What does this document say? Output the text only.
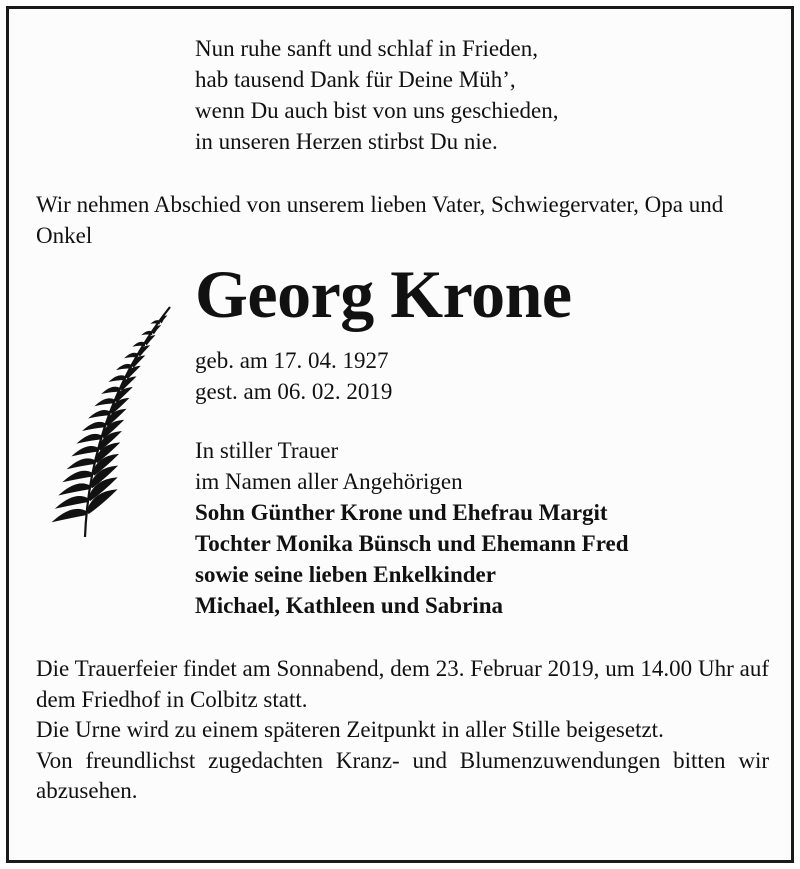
Nun ruhe sanft und schlaf in Frieden,
hab tausend Dank für Deine Müh’,
wenn Du auch bist von uns geschieden,
in unseren Herzen stirbst Du nie.
Wir nehmen Abschied von unserem lieben Vater, Schwiegervater, Opa und Onkel
Georg Krone
geb. am 17. 04. 1927
gest. am 06. 02. 2019
In stiller Trauer
im Namen aller Angehörigen
Sohn Günther Krone und Ehefrau Margit
Tochter Monika Bünsch und Ehemann Fred
sowie seine lieben Enkelkinder
Michael, Kathleen und Sabrina

Die Trauerfeier findet am Sonnabend, dem 23. Februar 2019, um 14.00 Uhr auf dem Friedhof in Colbitz statt.

Die Urne wird zu einem späteren Zeitpunkt in aller Stille beigesetzt.

Von freundlichst zugedachten Kranz- und Blumenzuwendungen bitten wir abzusehen.
